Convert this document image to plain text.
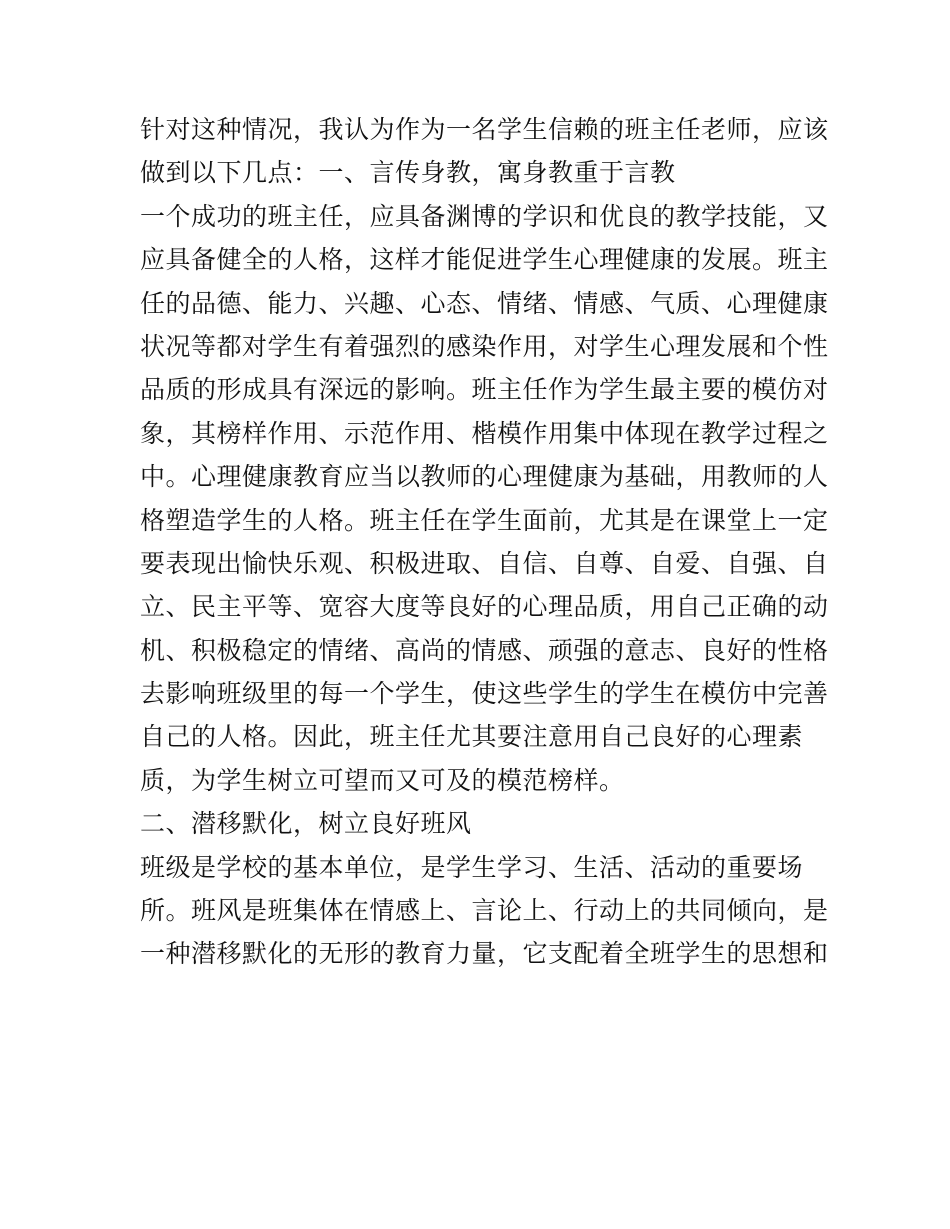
针对这种情况，我认为作为一名学生信赖的班主任老师，应该
做到以下几点：一、言传身教，寓身教重于言教
一个成功的班主任，应具备渊博的学识和优良的教学技能，又
应具备健全的人格，这样才能促进学生心理健康的发展。班主
任的品德、能力、兴趣、心态、情绪、情感、气质、心理健康
状况等都对学生有着强烈的感染作用，对学生心理发展和个性
品质的形成具有深远的影响。班主任作为学生最主要的模仿对
象，其榜样作用、示范作用、楷模作用集中体现在教学过程之
中。心理健康教育应当以教师的心理健康为基础，用教师的人
格塑造学生的人格。班主任在学生面前，尤其是在课堂上一定
要表现出愉快乐观、积极进取、自信、自尊、自爱、自强、自
立、民主平等、宽容大度等良好的心理品质，用自己正确的动
机、积极稳定的情绪、高尚的情感、顽强的意志、良好的性格
去影响班级里的每一个学生，使这些学生的学生在模仿中完善
自己的人格。因此，班主任尤其要注意用自己良好的心理素
质，为学生树立可望而又可及的模范榜样。
二、潜移默化，树立良好班风
班级是学校的基本单位，是学生学习、生活、活动的重要场
所。班风是班集体在情感上、言论上、行动上的共同倾向，是
一种潜移默化的无形的教育力量，它支配着全班学生的思想和
